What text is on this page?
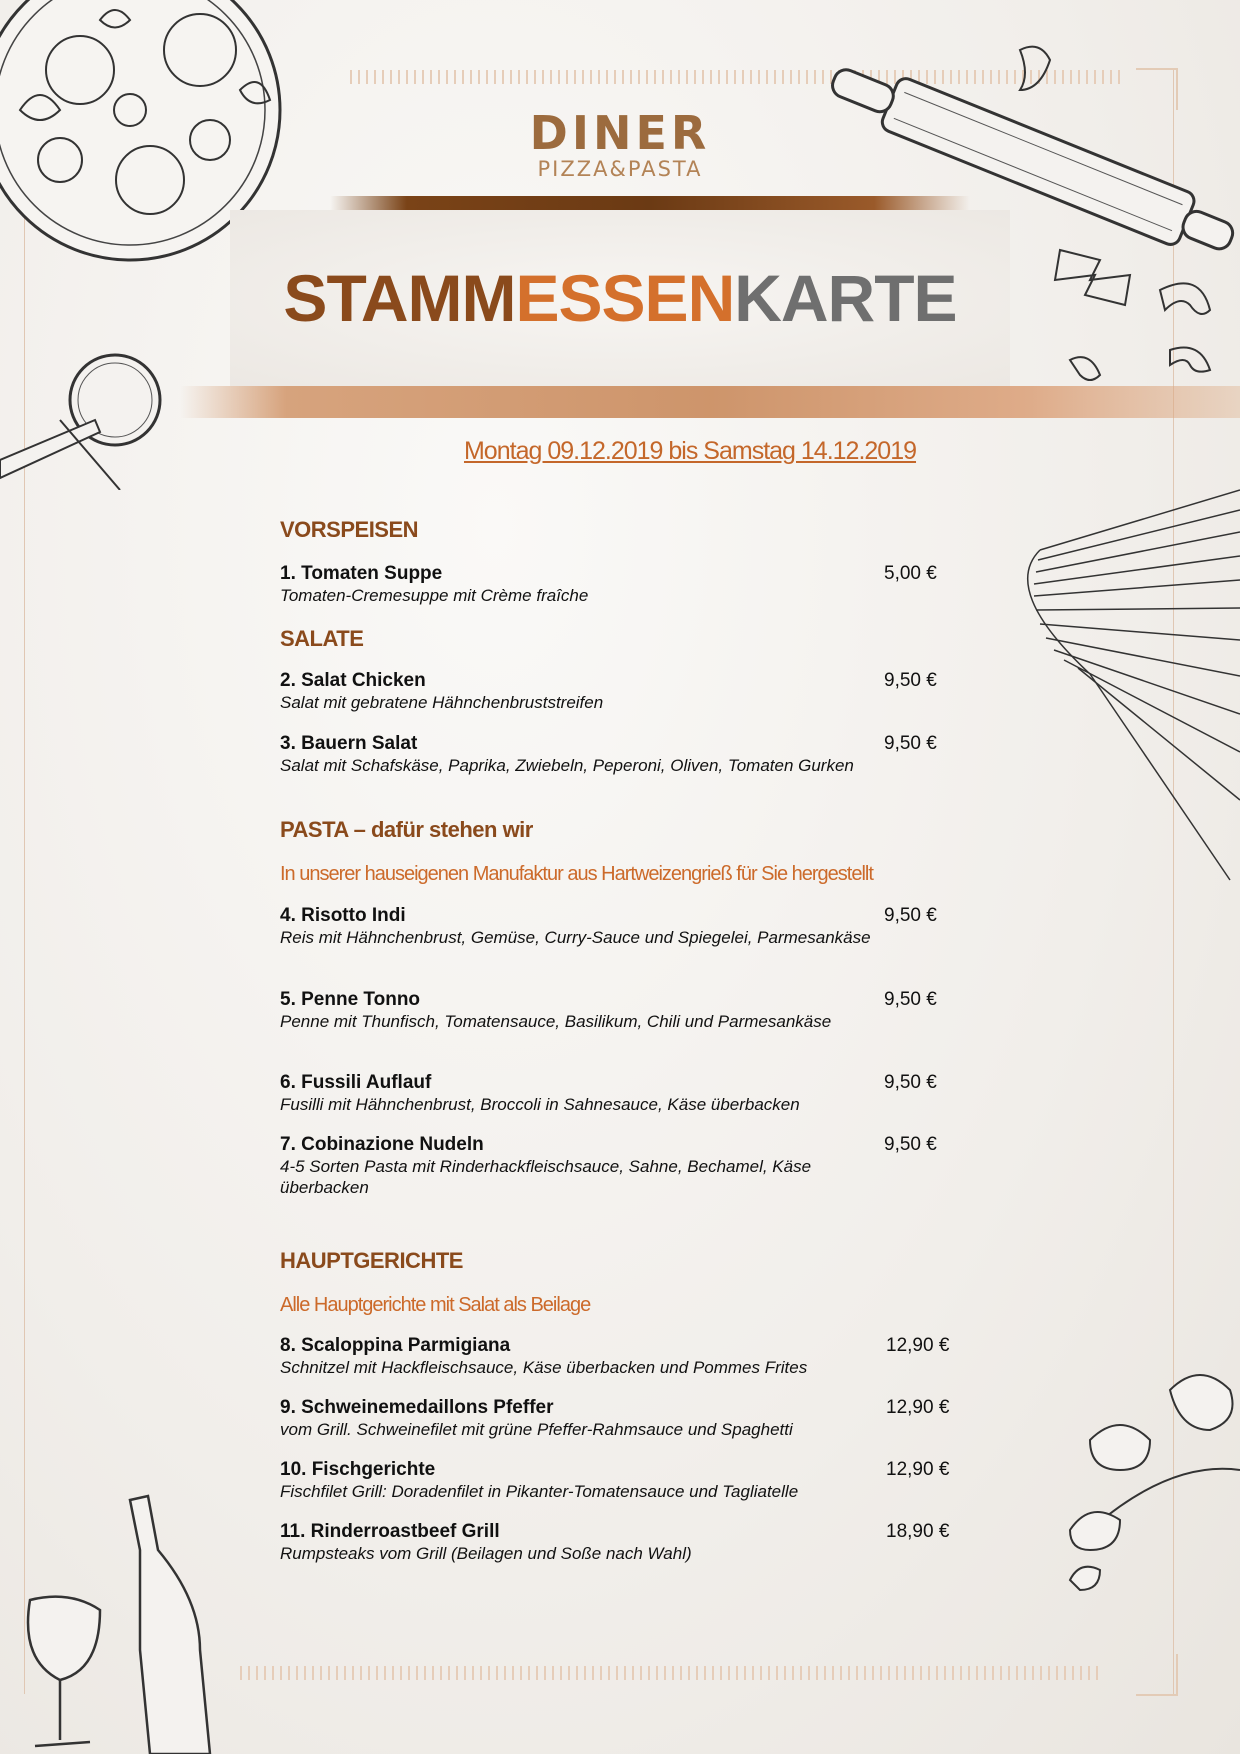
DINER
PIZZA&PASTA
STAMMESSENKARTE
Montag 09.12.2019 bis Samstag 14.12.2019
VORSPEISEN
1. Tomaten Suppe
Tomaten-Cremesuppe mit Crème fraîche
5,00 €
SALATE
2. Salat Chicken
Salat mit gebratene Hähnchenbruststreifen
9,50 €
3. Bauern Salat
Salat mit Schafskäse, Paprika, Zwiebeln, Peperoni, Oliven, Tomaten Gurken
9,50 €
PASTA – dafür stehen wir
In unserer hauseigenen Manufaktur aus Hartweizengrieß für Sie hergestellt
4. Risotto Indi
Reis mit Hähnchenbrust, Gemüse, Curry-Sauce und Spiegelei, Parmesankäse
9,50 €
5. Penne Tonno
Penne mit Thunfisch, Tomatensauce, Basilikum, Chili und Parmesankäse
9,50 €
6. Fussili Auflauf
Fusilli mit Hähnchenbrust, Broccoli in Sahnesauce, Käse überbacken
9,50 €
7. Cobinazione Nudeln
4-5 Sorten Pasta mit Rinderhackfleischsauce, Sahne, Bechamel, Käse überbacken
9,50 €
HAUPTGERICHTE
Alle Hauptgerichte mit Salat als Beilage
8. Scaloppina Parmigiana
Schnitzel mit Hackfleischsauce, Käse überbacken und Pommes Frites
12,90 €
9. Schweinemedaillons Pfeffer
vom Grill. Schweinefilet mit grüne Pfeffer-Rahmsauce und Spaghetti
12,90 €
10. Fischgerichte
Fischfilet Grill: Doradenfilet in Pikanter-Tomatensauce und Tagliatelle
12,90 €
11. Rinderroastbeef Grill
Rumpsteaks vom Grill (Beilagen und Soße nach Wahl)
18,90 €
